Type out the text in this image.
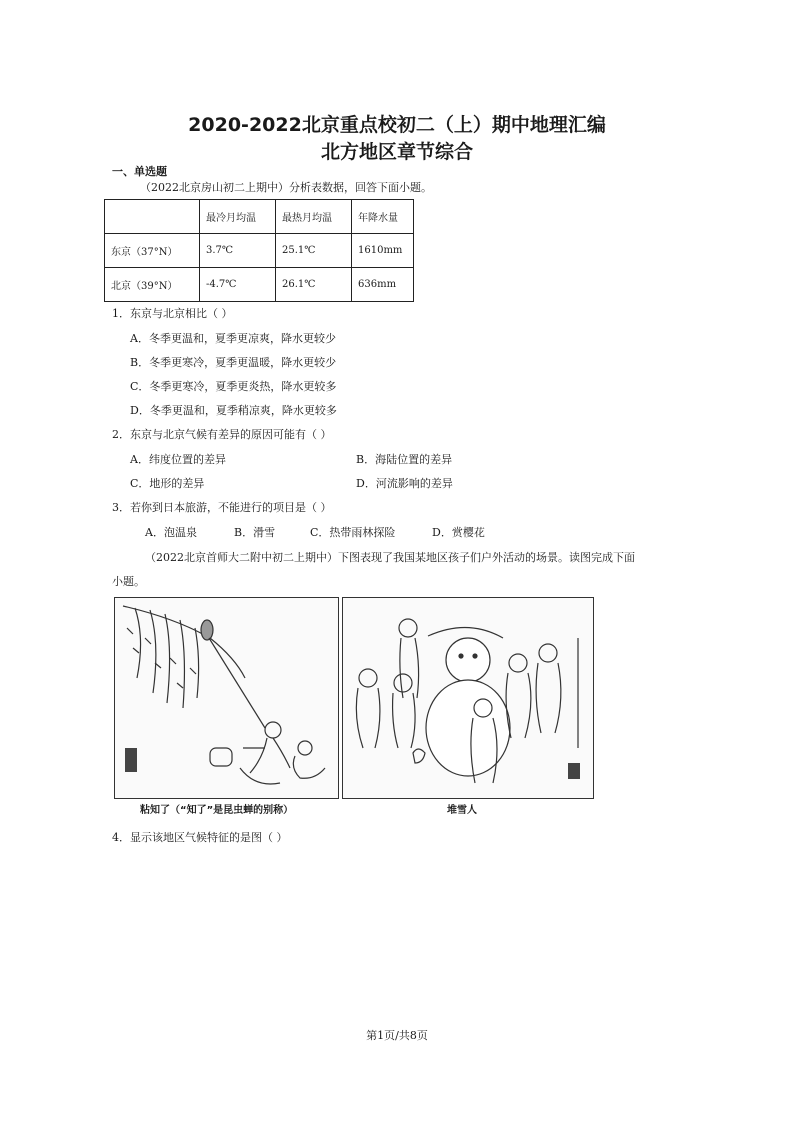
2020-2022北京重点校初二（上）期中地理汇编
北方地区章节综合
一、单选题
（2022北京房山初二上期中）分析表数据，回答下面小题。
	最冷月均温	最热月均温	年降水量
东京（37°N）	3.7℃	25.1℃	1610mm
北京（39°N）	-4.7℃	26.1℃	636mm
1．东京与北京相比（ ）
A．冬季更温和，夏季更凉爽，降水更较少
B．冬季更寒冷，夏季更温暖，降水更较少
C．冬季更寒冷，夏季更炎热，降水更较多
D．冬季更温和，夏季稍凉爽，降水更较多
2．东京与北京气候有差异的原因可能有（ ）
A．纬度位置的差异	B．海陆位置的差异
C．地形的差异	D．河流影响的差异
3．若你到日本旅游，不能进行的项目是（ ）
A．泡温泉	B．滑雪	C．热带雨林探险	D．赏樱花
（2022北京首师大二附中初二上期中）下图表现了我国某地区孩子们户外活动的场景。读图完成下面
小题。
粘知了（“知了”是昆虫蝉的别称）	堆雪人
4．显示该地区气候特征的是图（ ）
第1页/共8页
